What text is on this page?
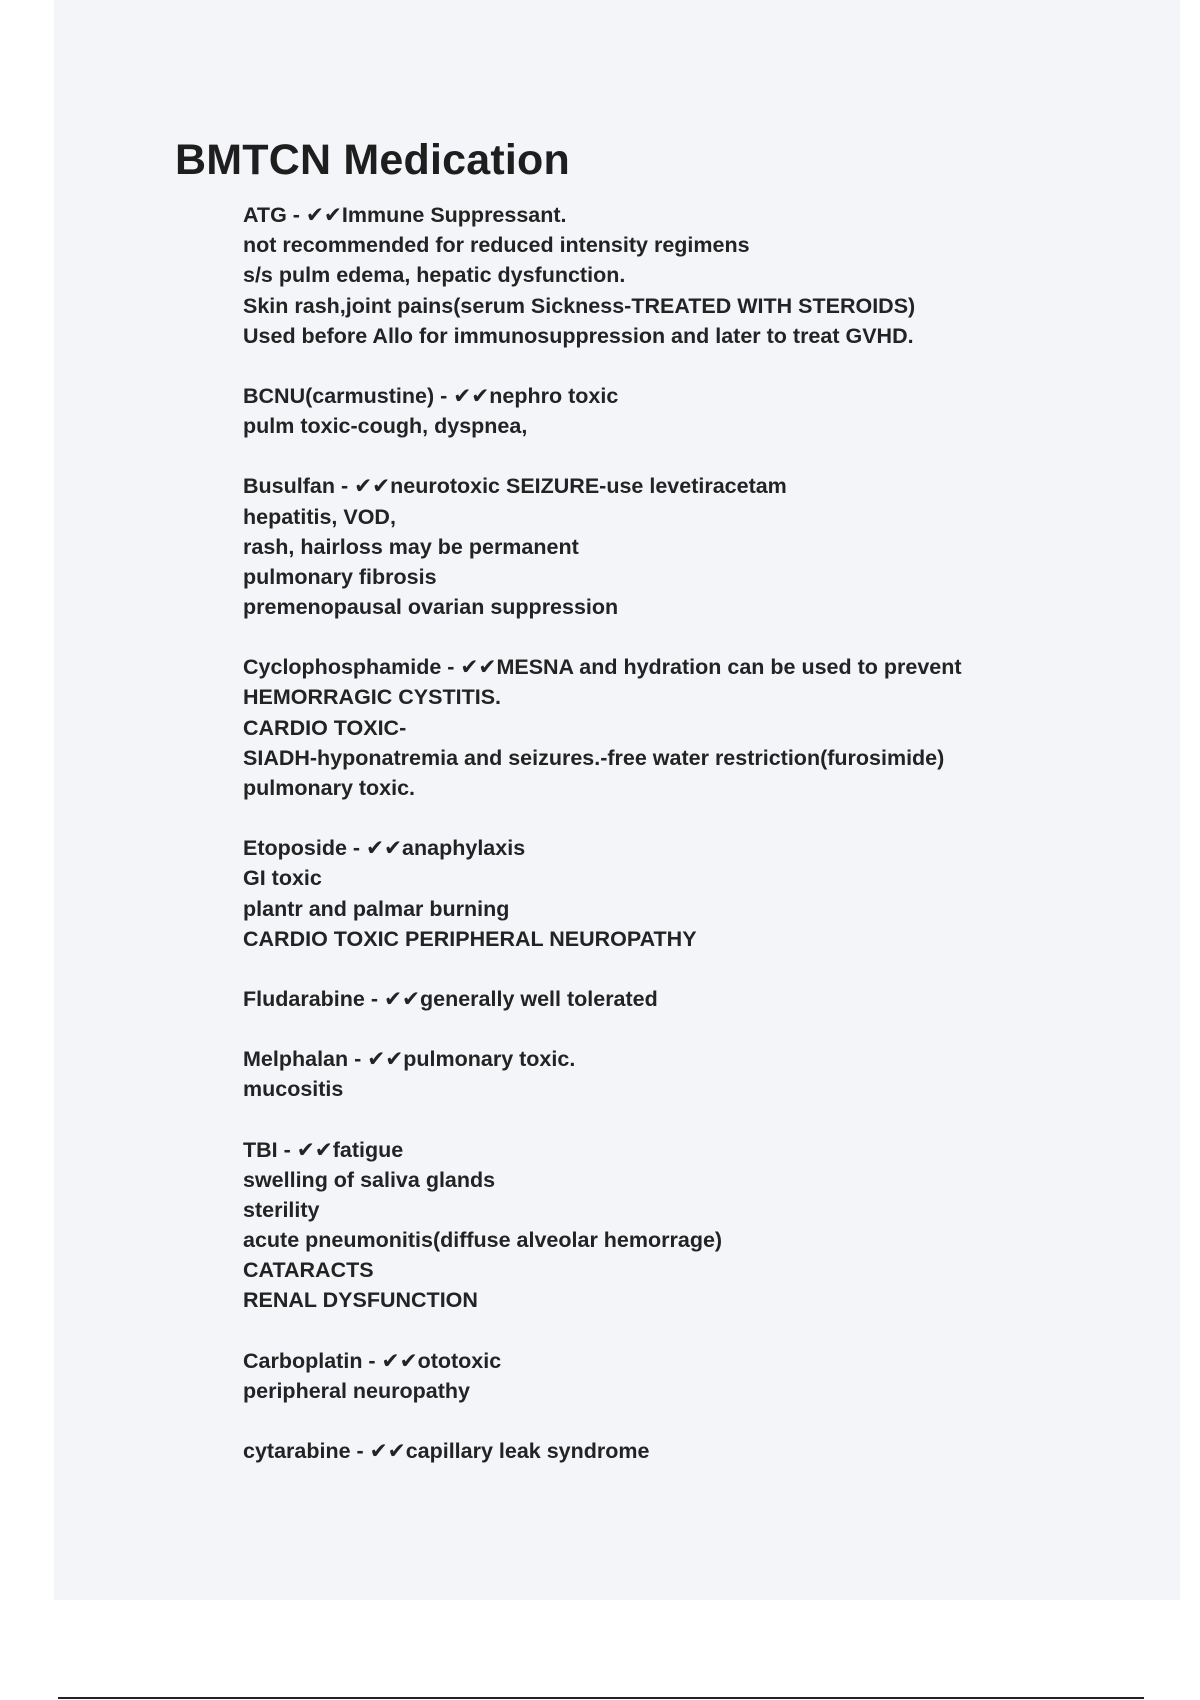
BMTCN Medication
ATG - ✔✔Immune Suppressant.
not recommended for reduced intensity regimens
s/s pulm edema, hepatic dysfunction.
Skin rash,joint pains(serum Sickness-TREATED WITH STEROIDS)
Used before Allo for immunosuppression and later to treat GVHD.
BCNU(carmustine) - ✔✔nephro toxic
pulm toxic-cough, dyspnea,
Busulfan - ✔✔neurotoxic SEIZURE-use levetiracetam
hepatitis, VOD,
rash, hairloss may be permanent
pulmonary fibrosis
premenopausal ovarian suppression
Cyclophosphamide - ✔✔MESNA and hydration can be used to prevent
HEMORRAGIC CYSTITIS.
CARDIO TOXIC-
SIADH-hyponatremia and seizures.-free water restriction(furosimide)
pulmonary toxic.
Etoposide - ✔✔anaphylaxis
GI toxic
plantr and palmar burning
CARDIO TOXIC PERIPHERAL NEUROPATHY
Fludarabine - ✔✔generally well tolerated
Melphalan - ✔✔pulmonary toxic.
mucositis
TBI - ✔✔fatigue
swelling of saliva glands
sterility
acute pneumonitis(diffuse alveolar hemorrage)
CATARACTS
RENAL DYSFUNCTION
Carboplatin - ✔✔ototoxic
peripheral neuropathy
cytarabine - ✔✔capillary leak syndrome
